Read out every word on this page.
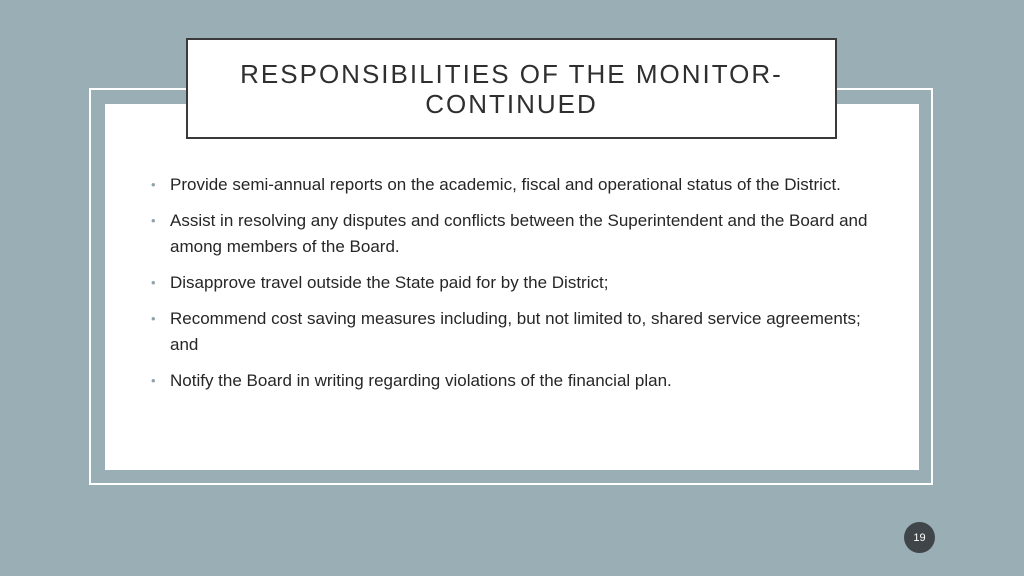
RESPONSIBILITIES OF THE MONITOR- CONTINUED
• Provide semi-annual reports on the academic, fiscal and operational status of the District.
• Assist in resolving any disputes and conflicts between the Superintendent and the Board and among members of the Board.
• Disapprove travel outside the State paid for by the District;
• Recommend cost saving measures including, but not limited to, shared service agreements; and
• Notify the Board in writing regarding violations of the financial plan.
19
